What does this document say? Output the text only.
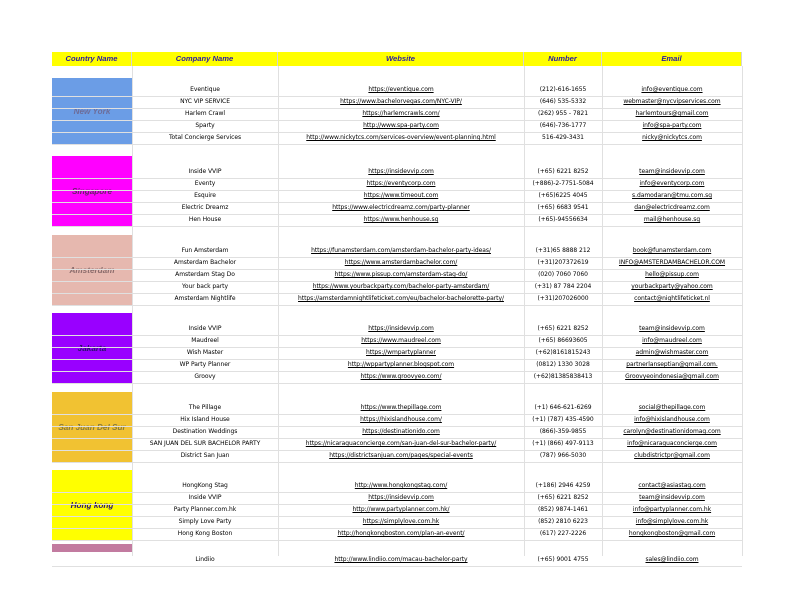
Country Name	Company Name	Website	Number	Email
New York
Eventique	https://eventique.com	(212)-616-1655	info@eventique.com
NYC VIP SERVICE	https://www.bachelorvegas.com/NYC-VIP/	(646) 535-5332	webmaster@nycvipservices.com
Harlem Crawl	https://harlemcrawls.com/	(262) 955 - 7821	harlemtours@gmail.com
Sparty	http://www.spa-party.com	(646)-736-1777	info@spa-party.com
Total Concierge Services	http://www.nickytcs.com/services-overview/event-planning.html	516-429-3431	nicky@nickytcs.com
Singapore
Inside VVIP	https://insidevvip.com	(+65) 6221 8252	team@insidevvip.com
Eventy	https://eventycorp.com	(+886)-2-7751-5084	info@eventycorp.com
Esquire	https://www.timeout.com	(+65)6225 4045	s.damodaran@tmu.com.sg
Electric Dreamz	https://www.electricdreamz.com/party-planner	(+65) 6683 9541	dan@electricdreamz.com
Hen House	https://www.henhouse.sg	(+65)-94556634	mail@henhouse.sg
Amsterdam
Fun Amsterdam	https://funamsterdam.com/amsterdam-bachelor-party-ideas/	(+31)65 8888 212	book@funamsterdam.com
Amsterdam Bachelor	https://www.amsterdambachelor.com/	(+31)207372619	INFO@AMSTERDAMBACHELOR.COM
Amsterdam Stag Do	https://www.pissup.com/amsterdam-stag-do/	(020) 7060 7060	hello@pissup.com
Your back party	https://www.yourbackparty.com/bachelor-party-amsterdam/	(+31) 87 784 2204	yourbackparty@yahoo.com
Amsterdam Nightlife	https://amsterdamnightlifeticket.com/eu/bachelor-bachelorette-party/	(+31)207026000	contact@nightlifeticket.nl
Jakarta
Inside VVIP	https://insidevvip.com	(+65) 6221 8252	team@insidevvip.com
Maudreel	https://www.maudreel.com	(+65) 86693605	info@maudreel.com
Wish Master	https://wmpartyplanner	(+62)8161815243	admin@wishmaster.com
WP Party Planner	http://wppartyplanner.blogspot.com	(0812) 1330 3028	partnerlanseptian@gmail.com.
Groovy	https://www.groovyeo.com/	(+62)81385838413	Groovyeoindonesia@gmail.com
San Juan Del Sur
The Pillage	https://www.thepillage.com	(+1) 646-621-6269	social@thepillage.com
Hix Island House	https://hixislandhouse.com/	(+1) (787) 435-4590	info@hixislandhouse.com
Destination Weddings	https://destinationido.com	(866)-359-9855	carolyn@destinationidomag.com
SAN JUAN DEL SUR BACHELOR PARTY	https://nicaraguaconcierge.com/san-juan-del-sur-bachelor-party/	(+1) (866) 497-9113	info@nicaraguaconcierge.com
District San Juan	https://districtsanjuan.com/pages/special-events	(787) 966-5030	clubdistrictpr@gmail.com
Hong kong
HongKong Stag	http://www.hongkongstag.com/	(+186) 2946 4259	contact@asiastag.com
Inside VVIP	https://insidevvip.com	(+65) 6221 8252	team@insidevvip.com
Party Planner.com.hk	http://www.partyplanner.com.hk/	(852) 9874-1461	info@partyplanner.com.hk
Simply Love Party	https://simplylove.com.hk	(852) 2810 6223	info@simplylove.com.hk
Hong Kong Boston	http://hongkongboston.com/plan-an-event/	(617) 227-2226	hongkongboston@gmail.com
Lindiio	http://www.lindiio.com/macau-bachelor-party	(+65) 9001 4755	sales@lindiio.com
